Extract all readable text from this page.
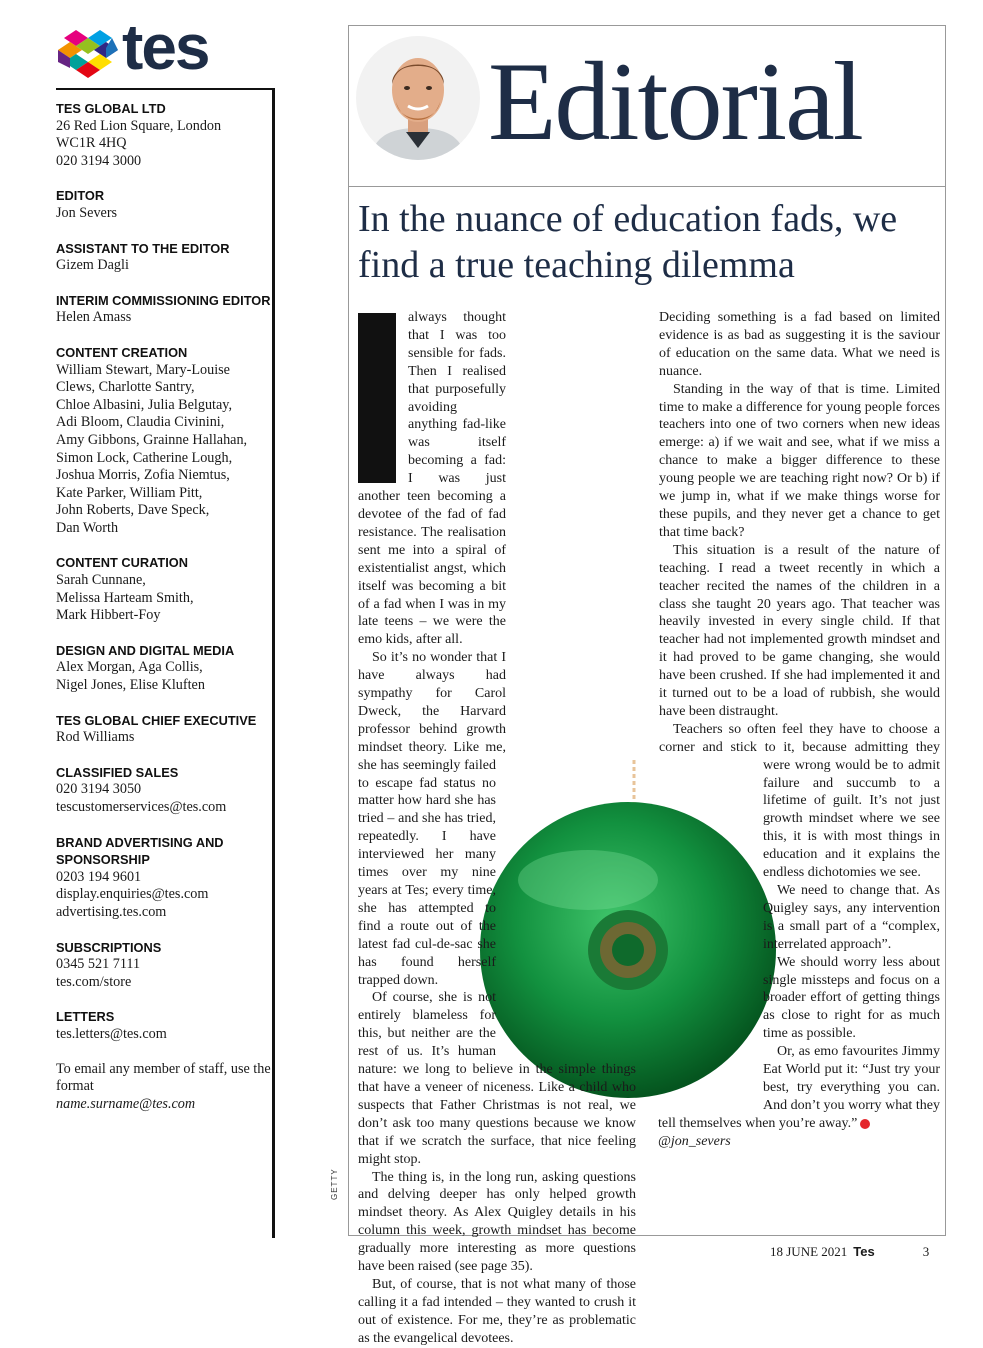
tes
TES GLOBAL LTD
26 Red Lion Square, London
WC1R 4HQ
020 3194 3000
EDITOR
Jon Severs
ASSISTANT TO THE EDITOR
Gizem Dagli
INTERIM COMMISSIONING EDITOR
Helen Amass
CONTENT CREATION
William Stewart, Mary-Louise
Clews, Charlotte Santry,
Chloe Albasini, Julia Belgutay,
Adi Bloom, Claudia Civinini,
Amy Gibbons, Grainne Hallahan,
Simon Lock, Catherine Lough,
Joshua Morris, Zofia Niemtus,
Kate Parker, William Pitt,
John Roberts, Dave Speck,
Dan Worth
CONTENT CURATION
Sarah Cunnane,
Melissa Harteam Smith,
Mark Hibbert-Foy
DESIGN AND DIGITAL MEDIA
Alex Morgan, Aga Collis,
Nigel Jones, Elise Kluften
TES GLOBAL CHIEF EXECUTIVE
Rod Williams
CLASSIFIED SALES
020 3194 3050
tescustomerservices@tes.com
BRAND ADVERTISING AND SPONSORSHIP
0203 194 9601
display.enquiries@tes.com
advertising.tes.com
SUBSCRIPTIONS
0345 521 7111
tes.com/store
LETTERS
tes.letters@tes.com
To email any member of staff, use the format
name.surname@tes.com
Editorial
In the nuance of education fads, we find a true teaching dilemma

always thought that I was too sensible for fads. Then I realised that purposefully avoiding anything fad-like was itself becoming a fad: I was just another teen becoming a devotee of the fad of fad resistance. The realisation sent me into a spiral of existentialist angst, which itself was becoming a bit of a fad when I was in my late teens – we were the emo kids, after all.

So it’s no wonder that I have always had sympathy for Carol Dweck, the Harvard professor behind growth mindset theory. Like me, she has seemingly failed to escape fad status no matter how hard she has tried – and she has tried, repeatedly. I have interviewed her many times over my nine years at Tes; every time, she has attempted to find a route out of the latest fad cul-de-sac she has found herself trapped down.

Of course, she is not entirely blameless for this, but neither are the rest of us. It’s human nature: we long to believe in the simple things that have a veneer of niceness. Like a child who suspects that Father Christmas is not real, we don’t ask too many questions because we know that if we scratch the surface, that nice feeling might stop.

The thing is, in the long run, asking questions and delving deeper has only helped growth mindset theory. As Alex Quigley details in his column this week, growth mindset has become gradually more interesting as more questions have been raised (see page 35).

But, of course, that is not what many of those calling it a fad intended – they wanted to crush it out of existence. For me, they’re as problematic as the evangelical devotees.

Deciding something is a fad based on limited evidence is as bad as suggesting it is the saviour of education on the same data. What we need is nuance.

Standing in the way of that is time. Limited time to make a difference for young people forces teachers into one of two corners when new ideas emerge: a) if we wait and see, what if we miss a chance to make a bigger difference to these young people we are teaching right now? Or b) if we jump in, what if we make things worse for these pupils, and they never get a chance to get that time back?

This situation is a result of the nature of teaching. I read a tweet recently in which a teacher recited the names of the children in a class she taught 20 years ago. That teacher was heavily invested in every single child. If that teacher had not implemented growth mindset and it had proved to be game changing, she would have been crushed. If she had implemented it and it turned out to be a load of rubbish, she would have been distraught.

Teachers so often feel they have to choose a corner and stick to it, because admitting they were wrong would be to admit failure and succumb to a lifetime of guilt. It’s not just growth mindset where we see this, it is with most things in education and it explains the endless dichotomies we see.

We need to change that. As Quigley says, any intervention is a small part of a “complex, interrelated approach”.

We should worry less about single missteps and focus on a broader effort of getting things as close to right for as much time as possible.

Or, as emo favourites Jimmy Eat World put it: “Just try your best, try everything you can. And don’t you worry what they tell themselves when you’re away.”

@jon_severs

GETTY
18 JUNE 2021 Tes	3
